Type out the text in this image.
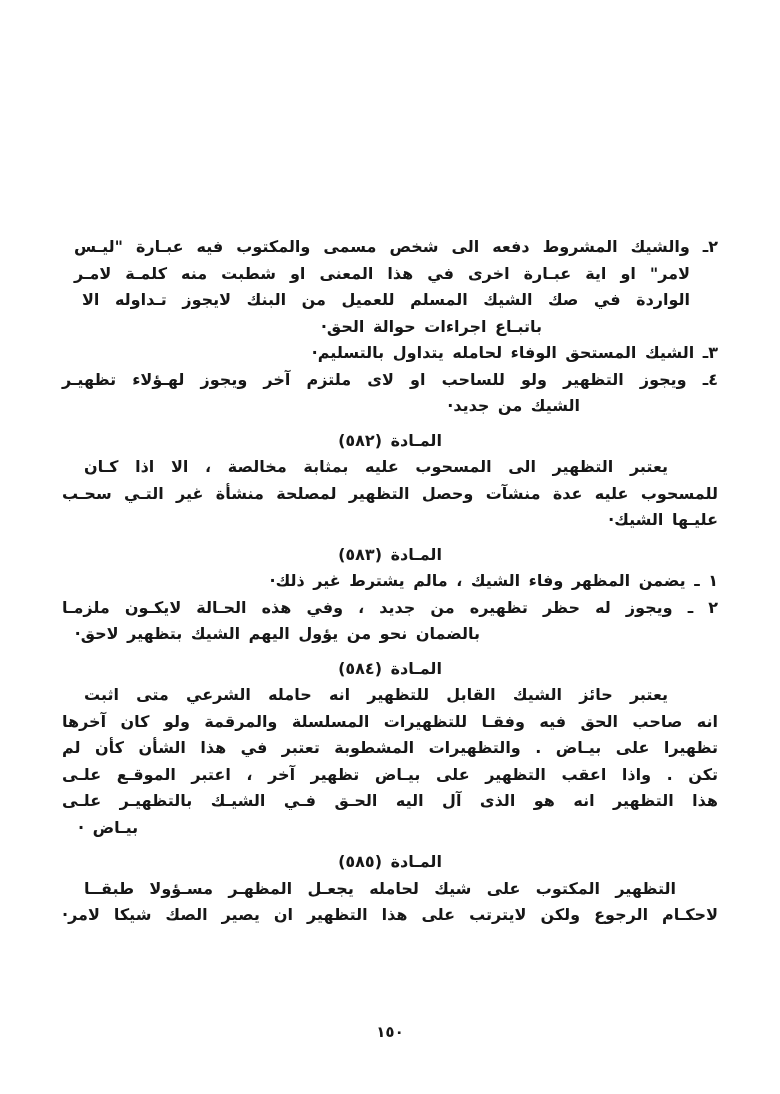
٢ـ والشيك المشروط دفعه الى شخص مسمى والمكتوب فيه عبـارة "ليـس
لامر" او اية عبـارة اخرى في هذا المعنى او شطبت منه كلمـة لامـر
الواردة في صك الشيك المسلم للعميل من البنك لايجوز تـداوله الا
باتبـاع اجراءات حوالة الحق·
٣ـ الشيك المستحق الوفاء لحامله يتداول بالتسليم·
٤ـ ويجوز التظهير ولو للساحب او لاى ملتزم آخر ويجوز لهـؤلاء تظهيـر
الشيك من جديد·
المـادة (٥٨٢)
يعتبر التظهير الى المسحوب عليه بمثابة مخالصة ، الا اذا كـان
للمسحوب عليه عدة منشآت وحصل التظهير لمصلحة منشأة غير التـي سحـب
عليـها الشيك·
المـادة (٥٨٣)
١ ـ يضمن المظهر وفاء الشيك ، مالم يشترط غير ذلك·
٢ ـ ويجوز له حظر تظهيره من جديد ، وفي هذه الحـالة لايكـون ملزمـا
بالضمان نحو من يؤول اليهم الشيك بتظهير لاحق·
المـادة (٥٨٤)
يعتبر حائز الشيك القابل للتظهير انه حامله الشرعي متى اثبت
انه صاحب الحق فيه وفقـا للتظهيرات المسلسلة والمرقمة ولو كان آخرها
تظهيرا على بيـاض . والتظهيرات المشطوبة تعتبر في هذا الشأن كأن لم
تكن . واذا اعقب التظهير على بيـاض تظهير آخر ، اعتبر الموقـع علـى
هذا التظهير انه هو الذى آل اليه الحـق فـي الشيـك بالتظهيـر علـى
بيـاض ·
المـادة (٥٨٥)
التظهير المكتوب على شيك لحامله يجعـل المظهـر مسـؤولا طبقــا
لاحكـام الرجوع ولكن لايترتب على هذا التظهير ان يصير الصك شيكا لامر·
١٥٠
